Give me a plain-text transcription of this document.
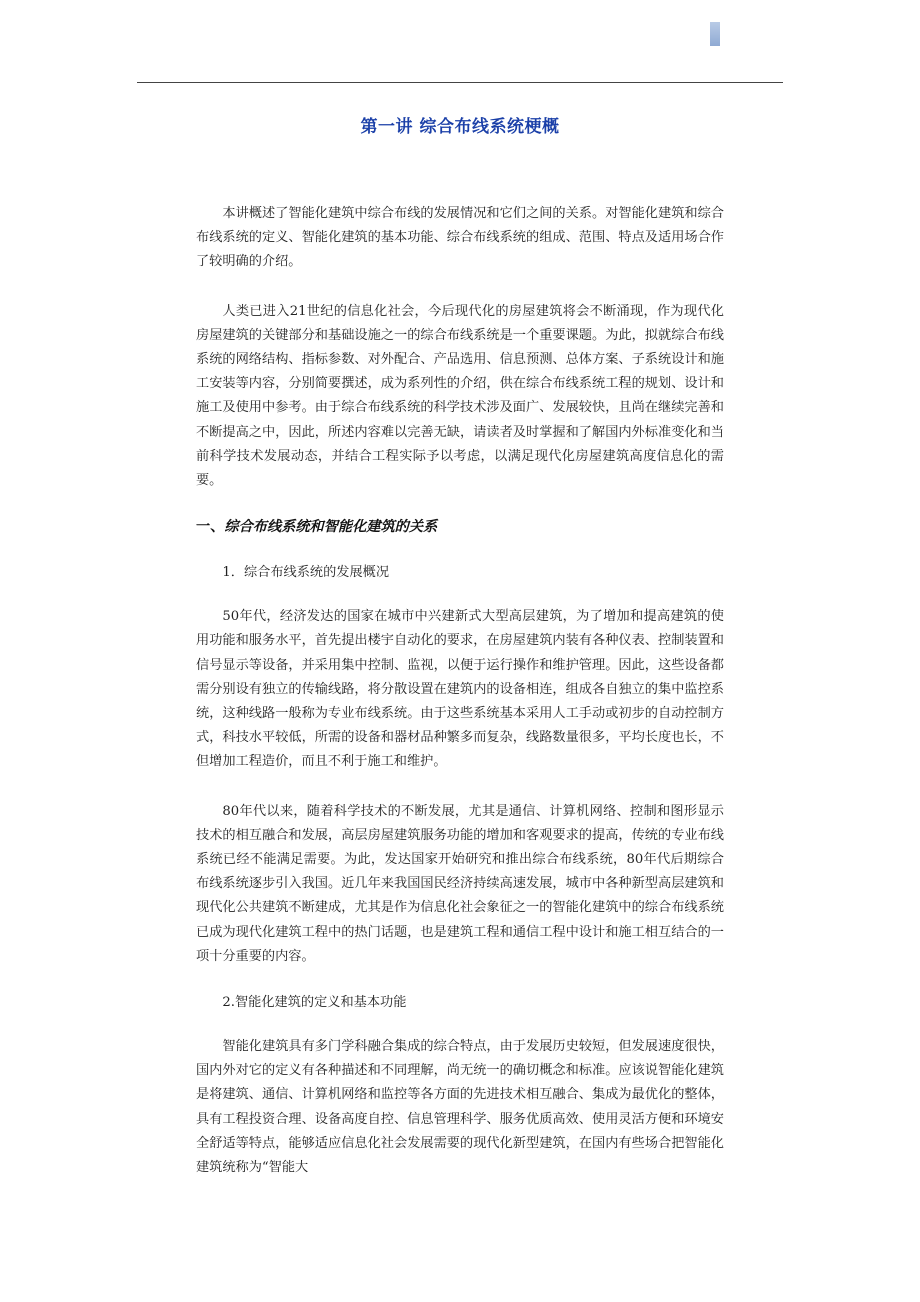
第一讲 综合布线系统梗概

本讲概述了智能化建筑中综合布线的发展情况和它们之间的关系。对智能化建筑和综合布线系统的定义、智能化建筑的基本功能、综合布线系统的组成、范围、特点及适用场合作了较明确的介绍。

人类已进入21世纪的信息化社会，今后现代化的房屋建筑将会不断涌现，作为现代化房屋建筑的关键部分和基础设施之一的综合布线系统是一个重要课题。为此，拟就综合布线系统的网络结构、指标参数、对外配合、产品选用、信息预测、总体方案、子系统设计和施工安装等内容，分别简要撰述，成为系列性的介绍，供在综合布线系统工程的规划、设计和施工及使用中参考。由于综合布线系统的科学技术涉及面广、发展较快，且尚在继续完善和不断提高之中，因此，所述内容难以完善无缺，请读者及时掌握和了解国内外标准变化和当前科学技术发展动态，并结合工程实际予以考虑，以满足现代化房屋建筑高度信息化的需要。

一、综合布线系统和智能化建筑的关系
1．综合布线系统的发展概况

50年代，经济发达的国家在城市中兴建新式大型高层建筑，为了增加和提高建筑的使用功能和服务水平，首先提出楼宇自动化的要求，在房屋建筑内装有各种仪表、控制装置和信号显示等设备，并采用集中控制、监视，以便于运行操作和维护管理。因此，这些设备都需分别设有独立的传输线路，将分散设置在建筑内的设备相连，组成各自独立的集中监控系统，这种线路一般称为专业布线系统。由于这些系统基本采用人工手动或初步的自动控制方式，科技水平较低，所需的设备和器材品种繁多而复杂，线路数量很多，平均长度也长，不但增加工程造价，而且不利于施工和维护。

80年代以来，随着科学技术的不断发展，尤其是通信、计算机网络、控制和图形显示技术的相互融合和发展，高层房屋建筑服务功能的增加和客观要求的提高，传统的专业布线系统已经不能满足需要。为此，发达国家开始研究和推出综合布线系统，80年代后期综合布线系统逐步引入我国。近几年来我国国民经济持续高速发展，城市中各种新型高层建筑和现代化公共建筑不断建成，尤其是作为信息化社会象征之一的智能化建筑中的综合布线系统已成为现代化建筑工程中的热门话题，也是建筑工程和通信工程中设计和施工相互结合的一项十分重要的内容。

2.智能化建筑的定义和基本功能

智能化建筑具有多门学科融合集成的综合特点，由于发展历史较短，但发展速度很快，国内外对它的定义有各种描述和不同理解，尚无统一的确切概念和标准。应该说智能化建筑是将建筑、通信、计算机网络和监控等各方面的先进技术相互融合、集成为最优化的整体，具有工程投资合理、设备高度自控、信息管理科学、服务优质高效、使用灵活方便和环境安全舒适等特点，能够适应信息化社会发展需要的现代化新型建筑，在国内有些场合把智能化建筑统称为“智能大
